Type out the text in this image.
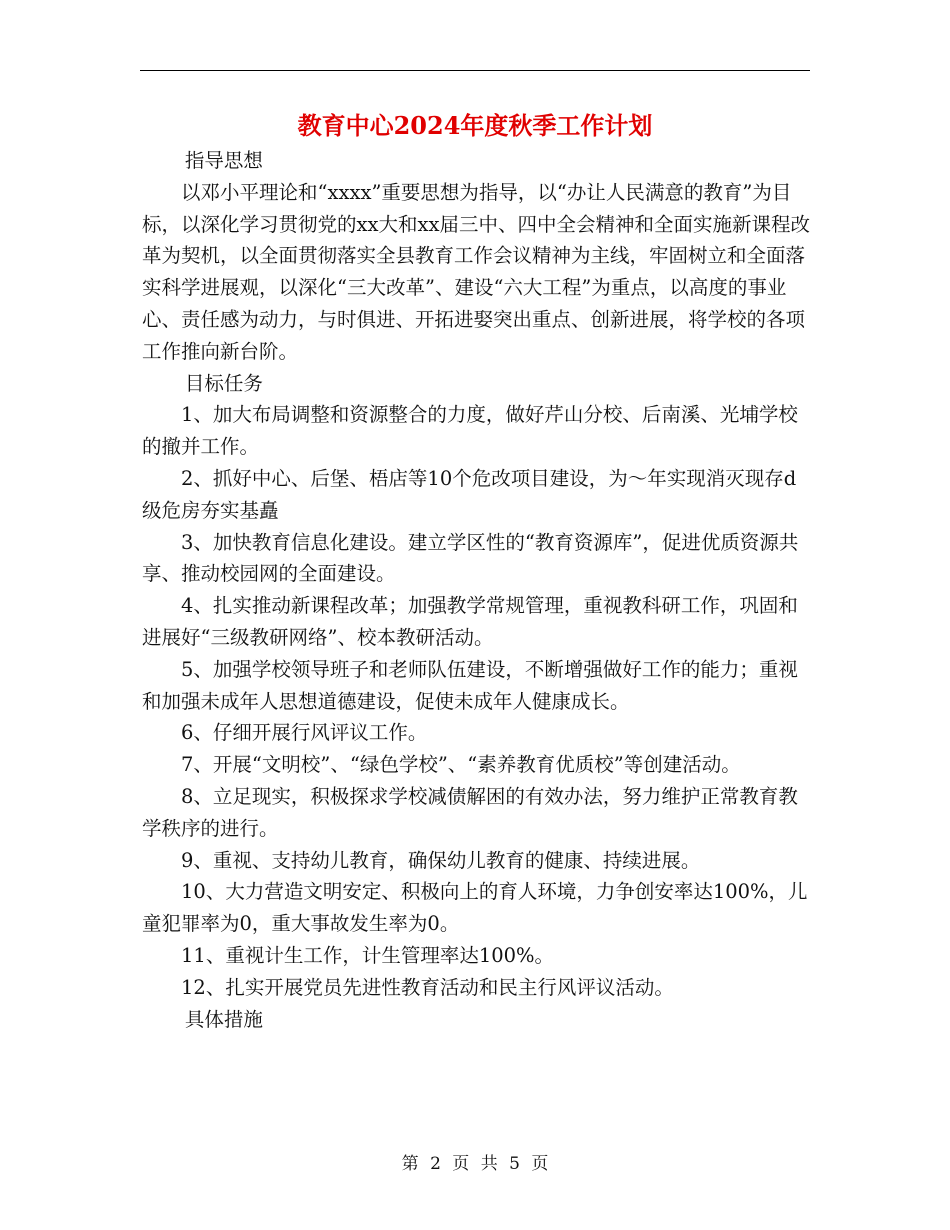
教育中心2024年度秋季工作计划

指导思想

以邓小平理论和“xxxx”重要思想为指导，以“办让人民满意的教育”为目标，以深化学习贯彻党的xx大和xx届三中、四中全会精神和全面实施新课程改革为契机，以全面贯彻落实全县教育工作会议精神为主线，牢固树立和全面落实科学进展观，以深化“三大改革”、建设“六大工程”为重点，以高度的事业心、责任感为动力，与时俱进、开拓进娶突出重点、创新进展，将学校的各项工作推向新台阶。

目标任务

1、加大布局调整和资源整合的力度，做好芹山分校、后南溪、光埔学校的撤并工作。

2、抓好中心、后堡、梧店等10个危改项目建设，为～年实现消灭现存d级危房夯实基矗

3、加快教育信息化建设。建立学区性的“教育资源库”，促进优质资源共享、推动校园网的全面建设。

4、扎实推动新课程改革；加强教学常规管理，重视教科研工作，巩固和进展好“三级教研网络”、校本教研活动。

5、加强学校领导班子和老师队伍建设，不断增强做好工作的能力；重视和加强未成年人思想道德建设，促使未成年人健康成长。

6、仔细开展行风评议工作。

7、开展“文明校”、“绿色学校”、“素养教育优质校”等创建活动。

8、立足现实，积极探求学校减债解困的有效办法，努力维护正常教育教学秩序的进行。

9、重视、支持幼儿教育，确保幼儿教育的健康、持续进展。

10、大力营造文明安定、积极向上的育人环境，力争创安率达100%，儿童犯罪率为0，重大事故发生率为0。

11、重视计生工作，计生管理率达100%。

12、扎实开展党员先进性教育活动和民主行风评议活动。

具体措施

第 2 页 共 5 页
